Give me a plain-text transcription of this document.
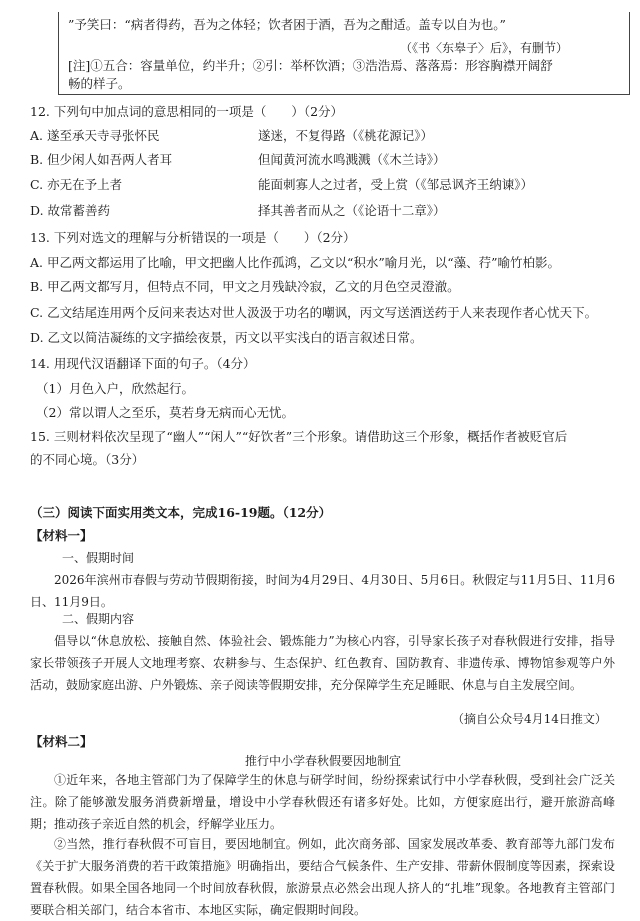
”予笑曰：“病者得药，吾为之体轻；饮者困于酒，吾为之酣适。盖专以自为也。”
（《书〈东皋子〉后》，有删节）
[注]①五合：容量单位，约半升；②引：举杯饮酒；③浩浩焉、落落焉：形容胸襟开阔舒
畅的样子。
12. 下列句中加点词的意思相同的一项是（　　）（2分）
A. 遂至承天寺寻张怀民	遂迷，不复得路（《桃花源记》）
B. 但少闲人如吾两人者耳	但闻黄河流水鸣溅溅（《木兰诗》）
C. 亦无在予上者	能面刺寡人之过者，受上赏（《邹忌讽齐王纳谏》）
D. 故常蓄善药	择其善者而从之（《论语十二章》）
13. 下列对选文的理解与分析错误的一项是（　　）（2分）
A. 甲乙两文都运用了比喻，甲文把幽人比作孤鸿，乙文以“积水”喻月光，以“藻、荇”喻竹柏影。
B. 甲乙两文都写月，但特点不同，甲文之月残缺冷寂，乙文的月色空灵澄澈。
C. 乙文结尾连用两个反问来表达对世人汲汲于功名的嘲讽，丙文写送酒送药于人来表现作者心忧天下。
D. 乙文以简洁凝练的文字描绘夜景，丙文以平实浅白的语言叙述日常。
14. 用现代汉语翻译下面的句子。（4分）
（1）月色入户，欣然起行。
（2）常以谓人之至乐，莫若身无病而心无忧。
15. 三则材料依次呈现了“幽人”“闲人”“好饮者”三个形象。请借助这三个形象，概括作者被贬官后
的不同心境。（3分）
（三）阅读下面实用类文本，完成16-19题。（12分）
【材料一】
一、假期时间
2026年滨州市春假与劳动节假期衔接，时间为4月29日、4月30日、5月6日。秋假定与11月5日、11月6日、11月9日。
二、假期内容
倡导以“休息放松、接触自然、体验社会、锻炼能力”为核心内容，引导家长孩子对春秋假进行安排，指导家长带领孩子开展人文地理考察、农耕参与、生态保护、红色教育、国防教育、非遗传承、博物馆参观等户外活动，鼓励家庭出游、户外锻炼、亲子阅读等假期安排，充分保障学生充足睡眠、休息与自主发展空间。
（摘自公众号4月14日推文）
【材料二】
推行中小学春秋假要因地制宜
①近年来，各地主管部门为了保障学生的休息与研学时间，纷纷探索试行中小学春秋假，受到社会广泛关注。除了能够激发服务消费新增量，增设中小学春秋假还有诸多好处。比如，方便家庭出行，避开旅游高峰期；推动孩子亲近自然的机会，纾解学业压力。
②当然，推行春秋假不可盲目，要因地制宜。例如，此次商务部、国家发展改革委、教育部等九部门发布《关于扩大服务消费的若干政策措施》明确指出，要结合气候条件、生产安排、带薪休假制度等因素，探索设置春秋假。如果全国各地同一个时间放春秋假，旅游景点必然会出现人挤人的“扎堆”现象。各地教育主管部门要联合相关部门，结合本省市、本地区实际，确定假期时间段。
